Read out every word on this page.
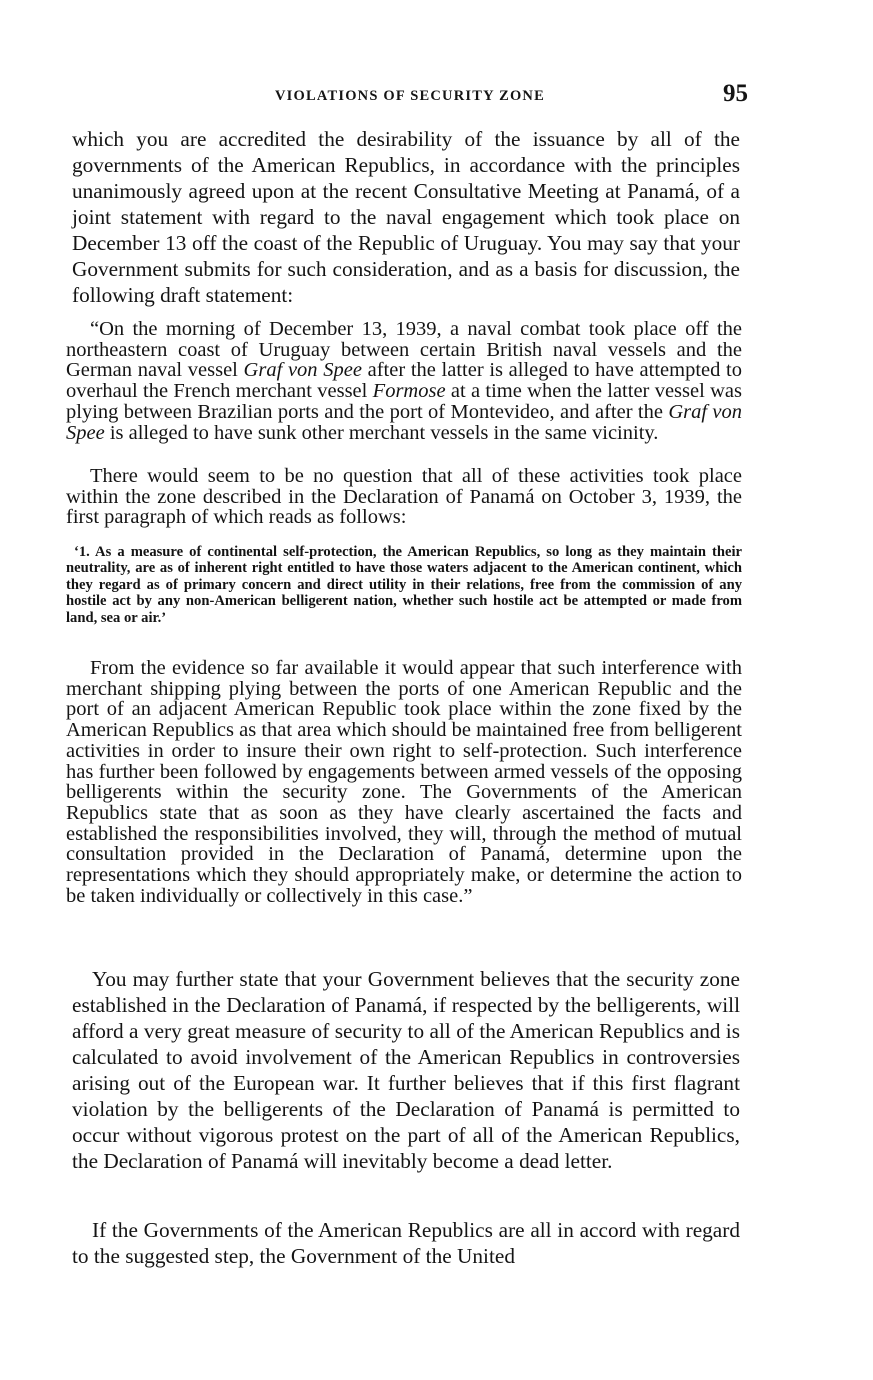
VIOLATIONS OF SECURITY ZONE	95

which you are accredited the desirability of the issuance by all of the governments of the American Republics, in accordance with the principles unanimously agreed upon at the recent Consultative Meeting at Panamá, of a joint statement with regard to the naval engagement which took place on December 13 off the coast of the Republic of Uruguay. You may say that your Government submits for such consideration, and as a basis for discussion, the following draft statement:

“On the morning of December 13, 1939, a naval combat took place off the northeastern coast of Uruguay between certain British naval vessels and the German naval vessel Graf von Spee after the latter is alleged to have attempted to overhaul the French merchant vessel Formose at a time when the latter vessel was plying between Brazilian ports and the port of Montevideo, and after the Graf von Spee is alleged to have sunk other merchant vessels in the same vicinity.

There would seem to be no question that all of these activities took place within the zone described in the Declaration of Panamá on October 3, 1939, the first paragraph of which reads as follows:

‘1. As a measure of continental self-protection, the American Republics, so long as they maintain their neutrality, are as of inherent right entitled to have those waters adjacent to the American continent, which they regard as of primary concern and direct utility in their relations, free from the commission of any hostile act by any non-American belligerent nation, whether such hostile act be attempted or made from land, sea or air.’

From the evidence so far available it would appear that such interference with merchant shipping plying between the ports of one American Republic and the port of an adjacent American Republic took place within the zone fixed by the American Republics as that area which should be maintained free from belligerent activities in order to insure their own right to self-protection. Such interference has further been followed by engagements between armed vessels of the opposing belligerents within the security zone. The Governments of the American Republics state that as soon as they have clearly ascertained the facts and established the responsibilities involved, they will, through the method of mutual consultation provided in the Declaration of Panamá, determine upon the representations which they should appropriately make, or determine the action to be taken individually or collectively in this case.”

You may further state that your Government believes that the security zone established in the Declaration of Panamá, if respected by the belligerents, will afford a very great measure of security to all of the American Republics and is calculated to avoid involvement of the American Republics in controversies arising out of the European war. It further believes that if this first flagrant violation by the belligerents of the Declaration of Panamá is permitted to occur without vigorous protest on the part of all of the American Republics, the Declaration of Panamá will inevitably become a dead letter.

If the Governments of the American Republics are all in accord with regard to the suggested step, the Government of the United
